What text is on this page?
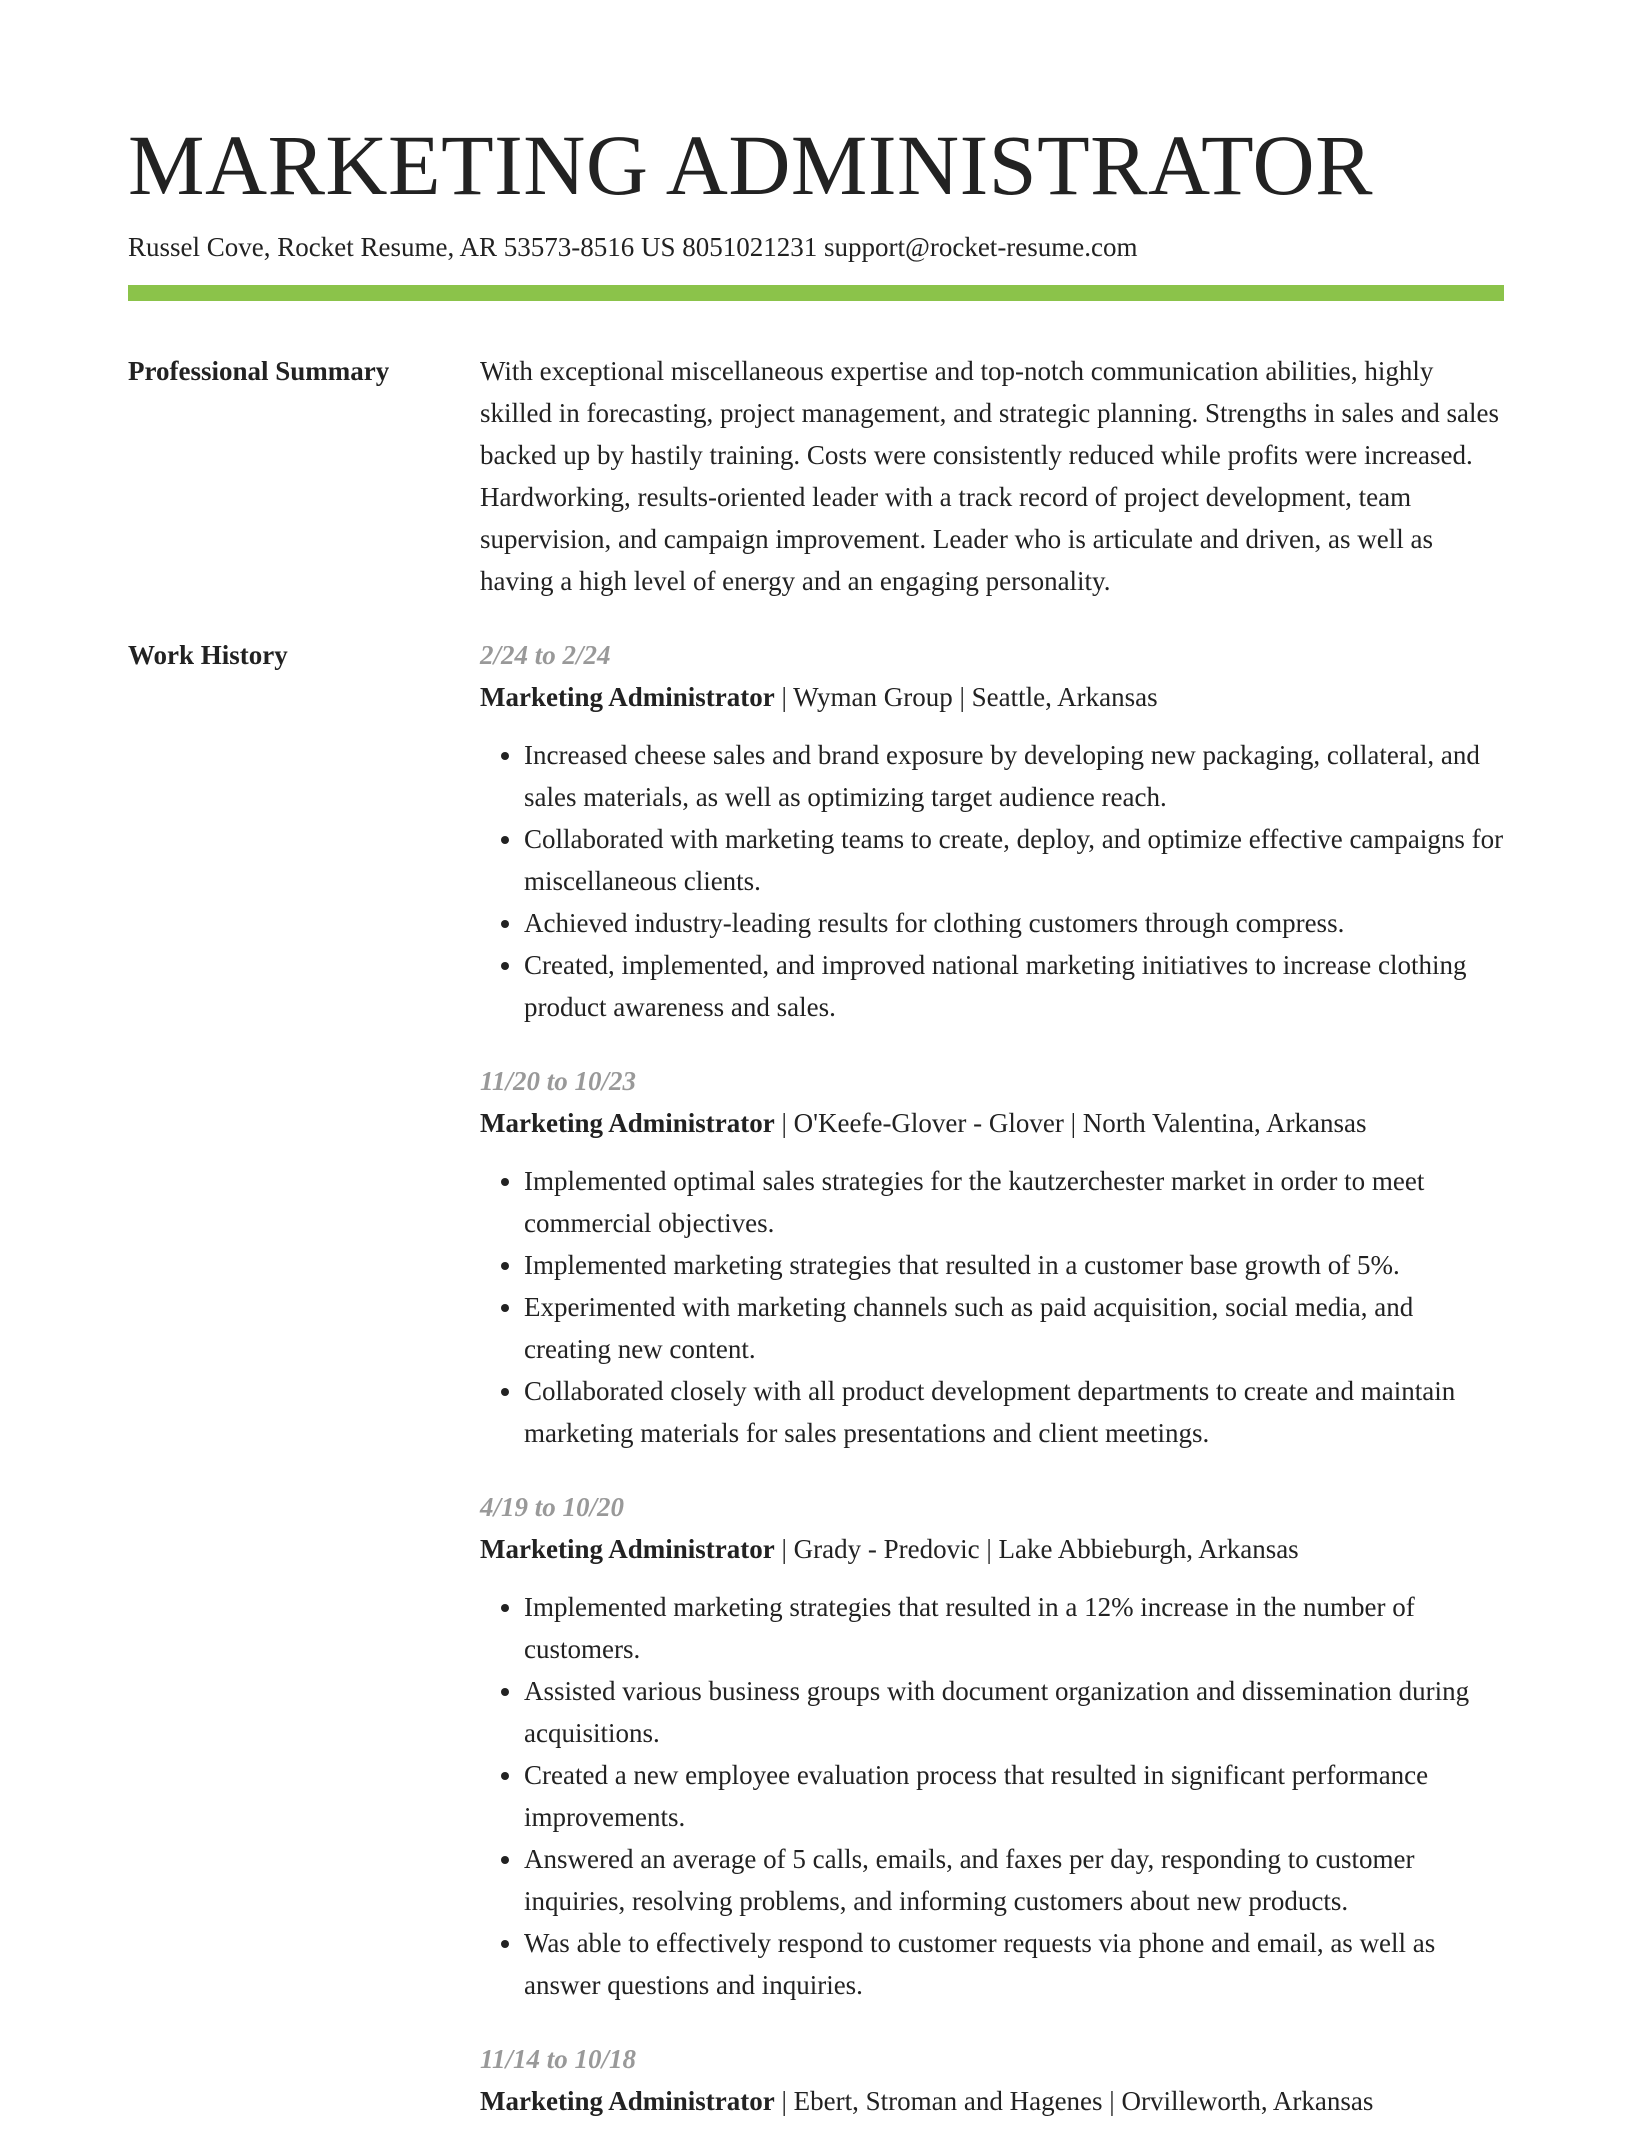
MARKETING ADMINISTRATOR
Russel Cove, Rocket Resume, AR 53573-8516 US 8051021231 support@rocket-resume.com
Professional Summary	With exceptional miscellaneous expertise and top-notch communication abilities, highly skilled in forecasting, project management, and strategic planning. Strengths in sales and sales backed up by hastily training. Costs were consistently reduced while profits were increased. Hardworking, results-oriented leader with a track record of project development, team supervision, and campaign improvement. Leader who is articulate and driven, as well as having a high level of energy and an engaging personality.

Work History	2/24 to 2/24
Marketing Administrator | Wyman Group | Seattle, Arkansas
• Increased cheese sales and brand exposure by developing new packaging, collateral, and sales materials, as well as optimizing target audience reach.
• Collaborated with marketing teams to create, deploy, and optimize effective campaigns for miscellaneous clients.
• Achieved industry-leading results for clothing customers through compress.
• Created, implemented, and improved national marketing initiatives to increase clothing product awareness and sales.
11/20 to 10/23
Marketing Administrator | O'Keefe-Glover - Glover | North Valentina, Arkansas
• Implemented optimal sales strategies for the kautzerchester market in order to meet commercial objectives.
• Implemented marketing strategies that resulted in a customer base growth of 5%.
• Experimented with marketing channels such as paid acquisition, social media, and creating new content.
• Collaborated closely with all product development departments to create and maintain marketing materials for sales presentations and client meetings.
4/19 to 10/20
Marketing Administrator | Grady - Predovic | Lake Abbieburgh, Arkansas
• Implemented marketing strategies that resulted in a 12% increase in the number of customers.
• Assisted various business groups with document organization and dissemination during acquisitions.
• Created a new employee evaluation process that resulted in significant performance improvements.
• Answered an average of 5 calls, emails, and faxes per day, responding to customer inquiries, resolving problems, and informing customers about new products.
• Was able to effectively respond to customer requests via phone and email, as well as answer questions and inquiries.
11/14 to 10/18
Marketing Administrator | Ebert, Stroman and Hagenes | Orvilleworth, Arkansas
